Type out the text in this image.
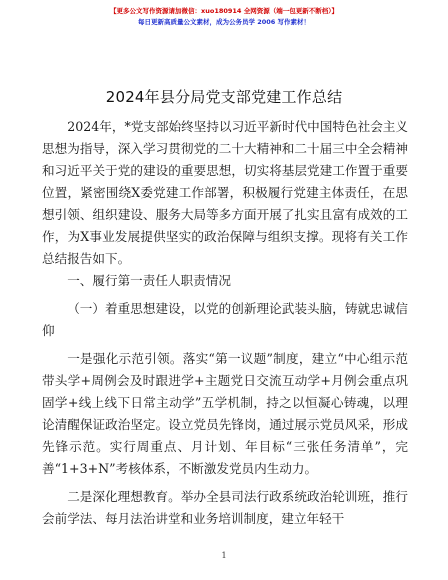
【更多公文写作资源请加微信：xuo180914 全网资源（端一包更新不断档）】
每日更新高质量公文素材，成为公务员学 2006 写作素材！
2024年县分局党支部党建工作总结

2024年，*党支部始终坚持以习近平新时代中国特色社会主义思想为指导，深入学习贯彻党的二十大精神和二十届三中全会精神和习近平关于党的建设的重要思想，切实将基层党建工作置于重要位置，紧密围绕X委党建工作部署，积极履行党建主体责任，在思想引领、组织建设、服务大局等多方面开展了扎实且富有成效的工作，为X事业发展提供坚实的政治保障与组织支撑。现将有关工作总结报告如下。

一、履行第一责任人职责情况

（一）着重思想建设，以党的创新理论武装头脑，铸就忠诚信仰

一是强化示范引领。落实“第一议题”制度，建立“中心组示范带头学+周例会及时跟进学+主题党日交流互动学+月例会重点巩固学+线上线下日常主动学”五学机制，持之以恒凝心铸魂，以理论清醒保证政治坚定。设立党员先锋岗，通过展示党员风采，形成先锋示范。实行周重点、月计划、年目标“三张任务清单”，完善“1+3+N”考核体系，不断激发党员内生动力。

二是深化理想教育。举办全县司法行政系统政治轮训班，推行会前学法、每月法治讲堂和业务培训制度，建立年轻干

1
